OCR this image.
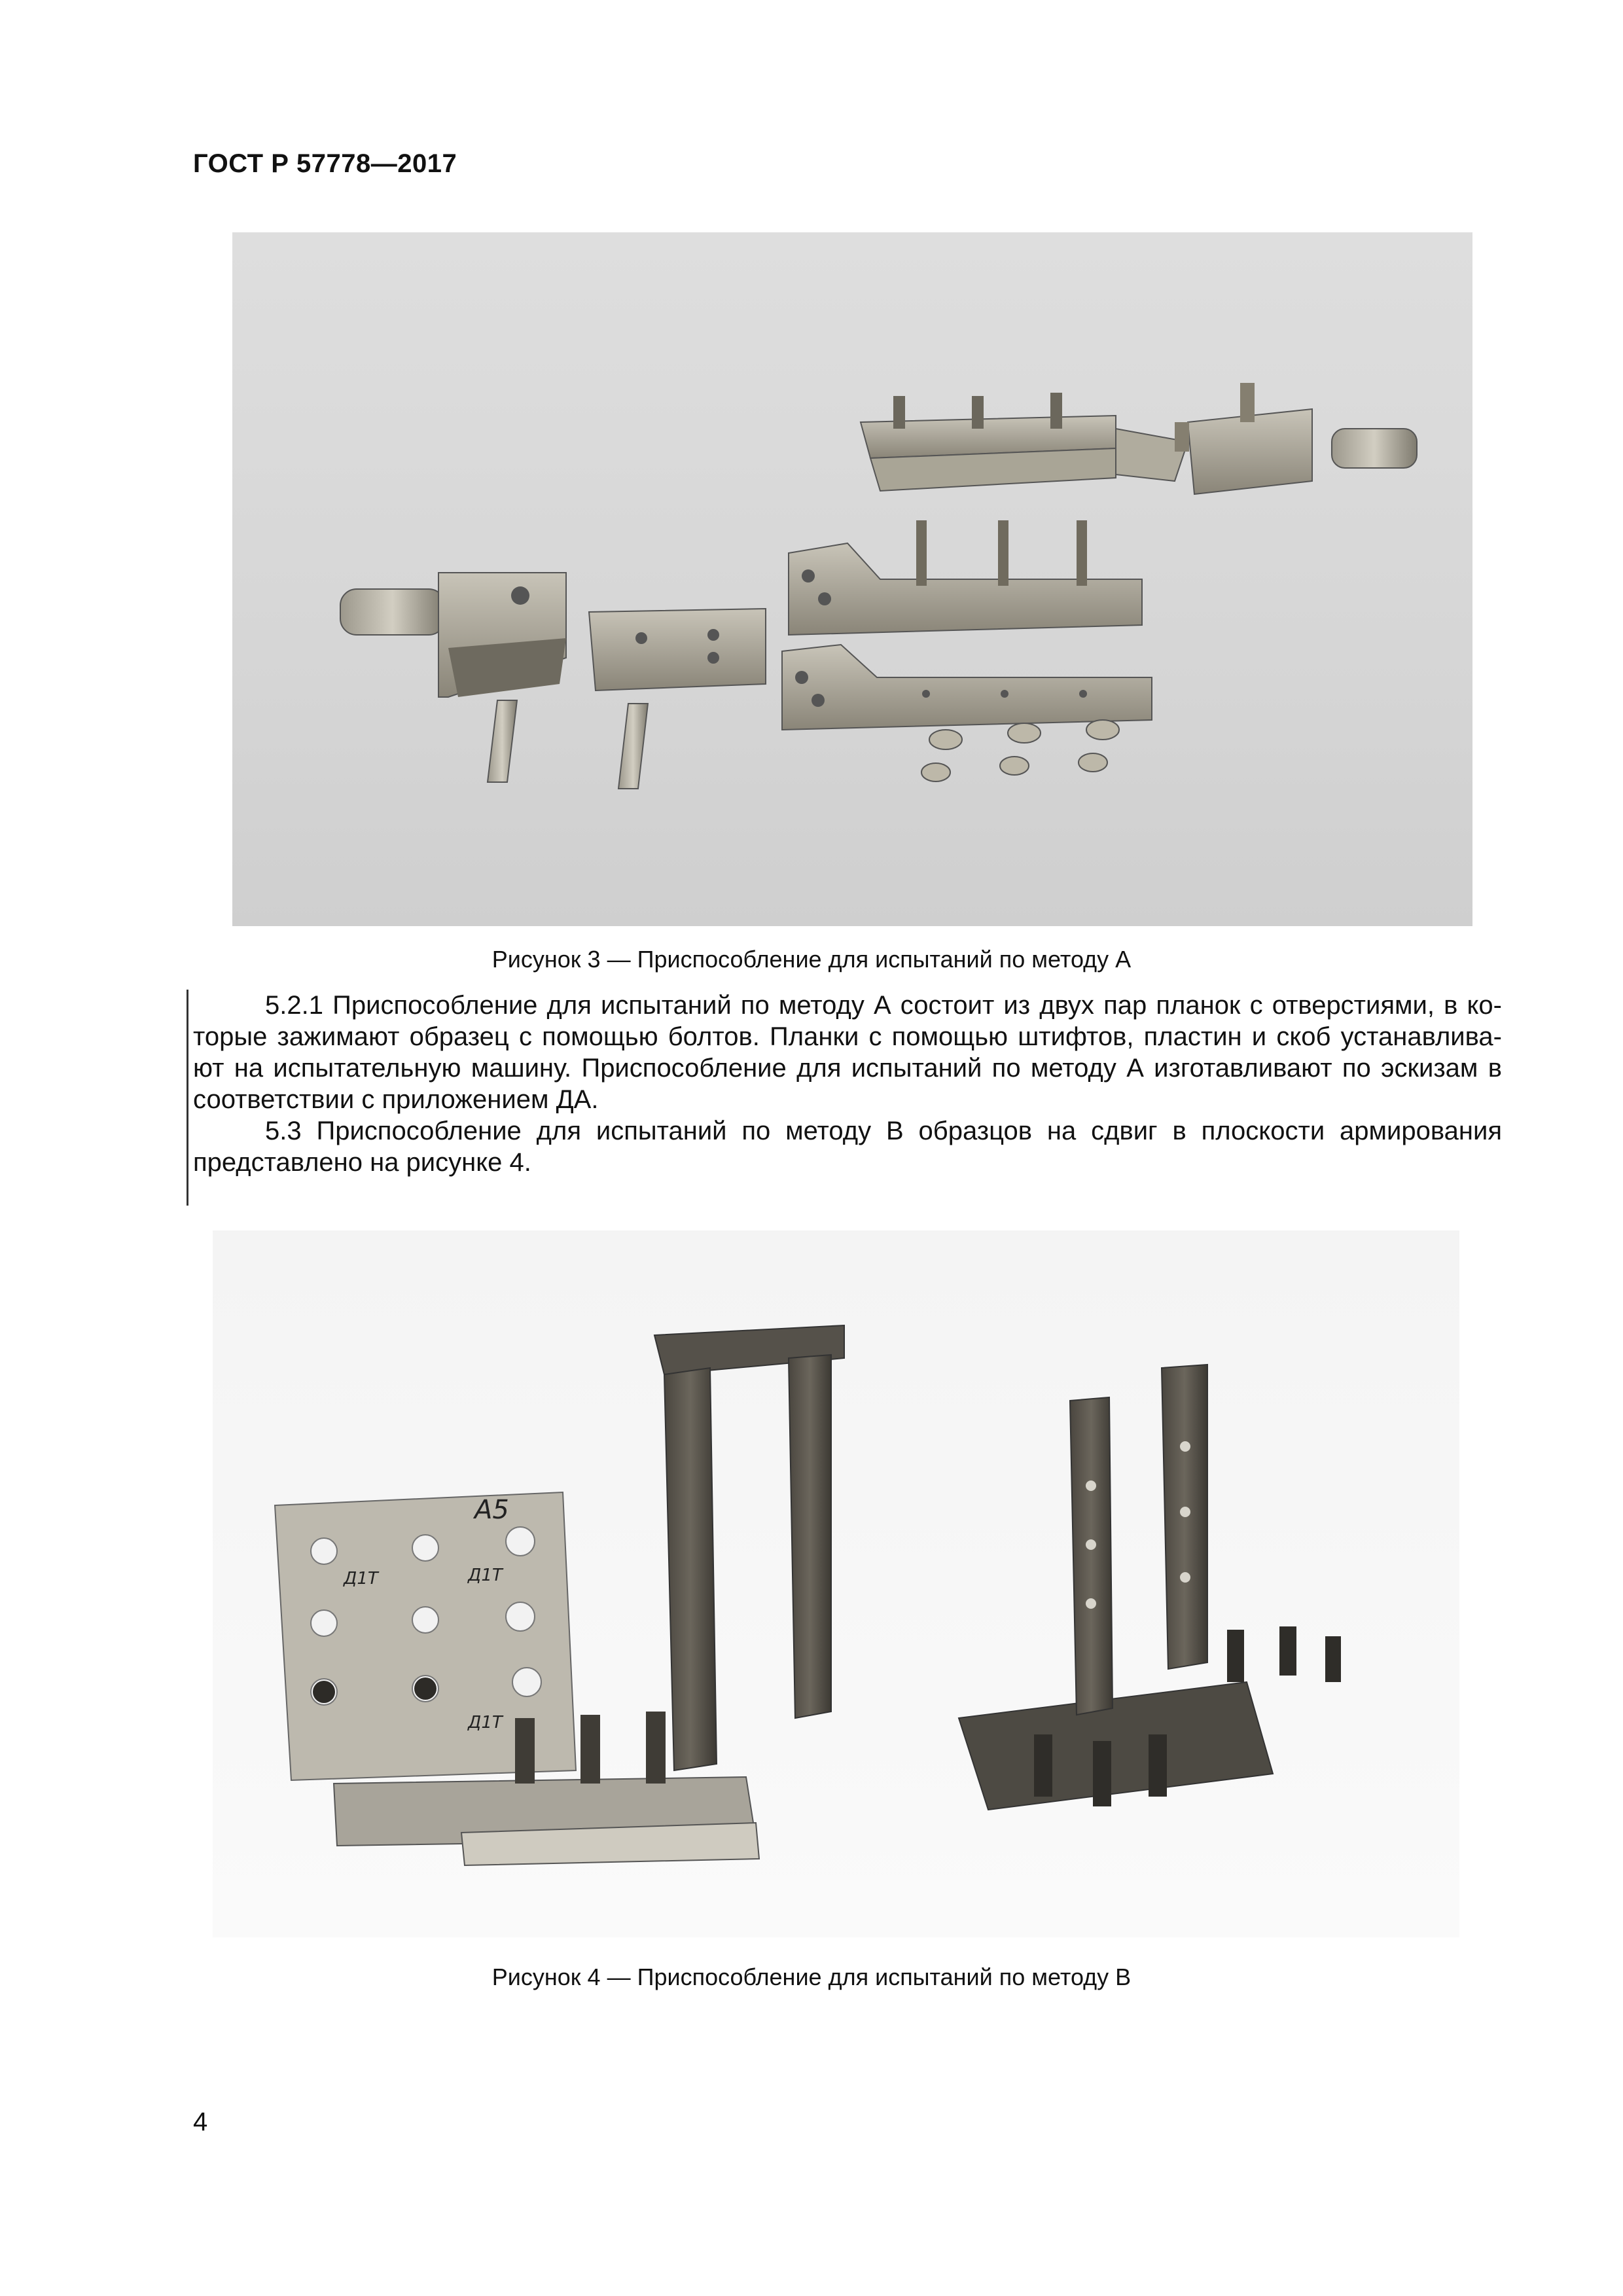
ГОСТ Р 57778—2017
Рисунок 3 — Приспособление для испытаний по методу А

5.2.1 Приспособление для испытаний по методу А состоит из двух пар планок с отверстиями, в ко- торые зажимают образец с помощью болтов. Планки с помощью штифтов, пластин и скоб устанавлива- ют на испытательную машину. Приспособление для испытаний по методу А изготавливают по эскизам в соответствии с приложением ДА.

5.3 Приспособление для испытаний по методу В образцов на сдвиг в плоскости армирования представлено на рисунке 4.

А5
Д1Т	Д1Т
Д1Т
Рисунок 4 — Приспособление для испытаний по методу В
4
